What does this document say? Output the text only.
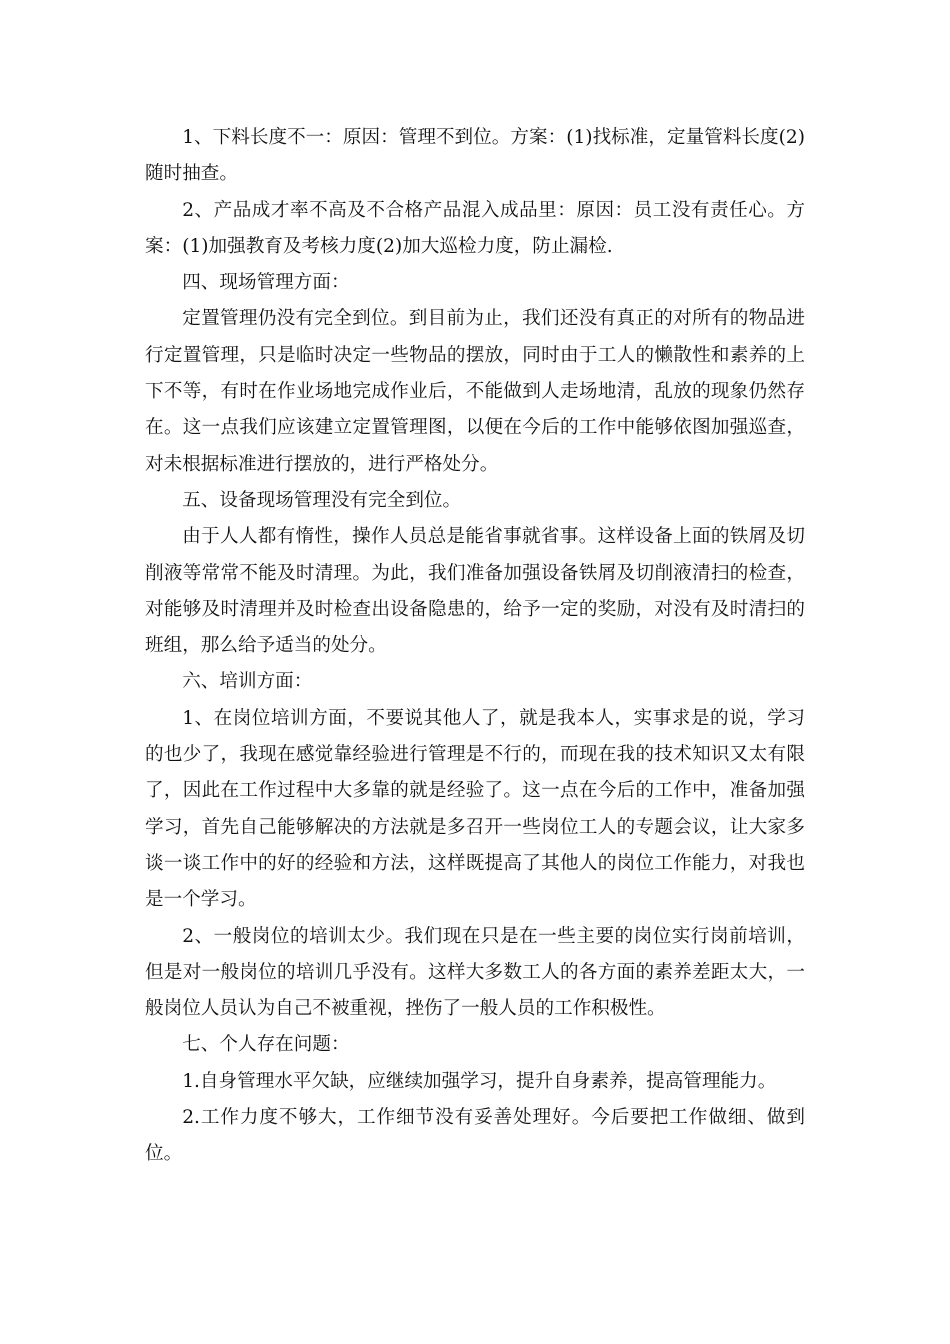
1、下料长度不一：原因：管理不到位。方案：(1)找标准，定量管料长度(2)随时抽查。

2、产品成才率不高及不合格产品混入成品里：原因：员工没有责任心。方案：(1)加强教育及考核力度(2)加大巡检力度，防止漏检.

四、现场管理方面：

定置管理仍没有完全到位。到目前为止，我们还没有真正的对所有的物品进行定置管理，只是临时决定一些物品的摆放，同时由于工人的懒散性和素养的上下不等，有时在作业场地完成作业后，不能做到人走场地清，乱放的现象仍然存在。这一点我们应该建立定置管理图，以便在今后的工作中能够依图加强巡查，对未根据标准进行摆放的，进行严格处分。

五、设备现场管理没有完全到位。

由于人人都有惰性，操作人员总是能省事就省事。这样设备上面的铁屑及切削液等常常不能及时清理。为此，我们准备加强设备铁屑及切削液清扫的检查，对能够及时清理并及时检查出设备隐患的，给予一定的奖励，对没有及时清扫的班组，那么给予适当的处分。

六、培训方面：

1、在岗位培训方面，不要说其他人了，就是我本人，实事求是的说，学习的也少了，我现在感觉靠经验进行管理是不行的，而现在我的技术知识又太有限了，因此在工作过程中大多靠的就是经验了。这一点在今后的工作中，准备加强学习，首先自己能够解决的方法就是多召开一些岗位工人的专题会议，让大家多谈一谈工作中的好的经验和方法，这样既提高了其他人的岗位工作能力，对我也是一个学习。

2、一般岗位的培训太少。我们现在只是在一些主要的岗位实行岗前培训，但是对一般岗位的培训几乎没有。这样大多数工人的各方面的素养差距太大，一般岗位人员认为自己不被重视，挫伤了一般人员的工作积极性。

七、个人存在问题：

1.自身管理水平欠缺，应继续加强学习，提升自身素养，提高管理能力。

2.工作力度不够大，工作细节没有妥善处理好。今后要把工作做细、做到位。
